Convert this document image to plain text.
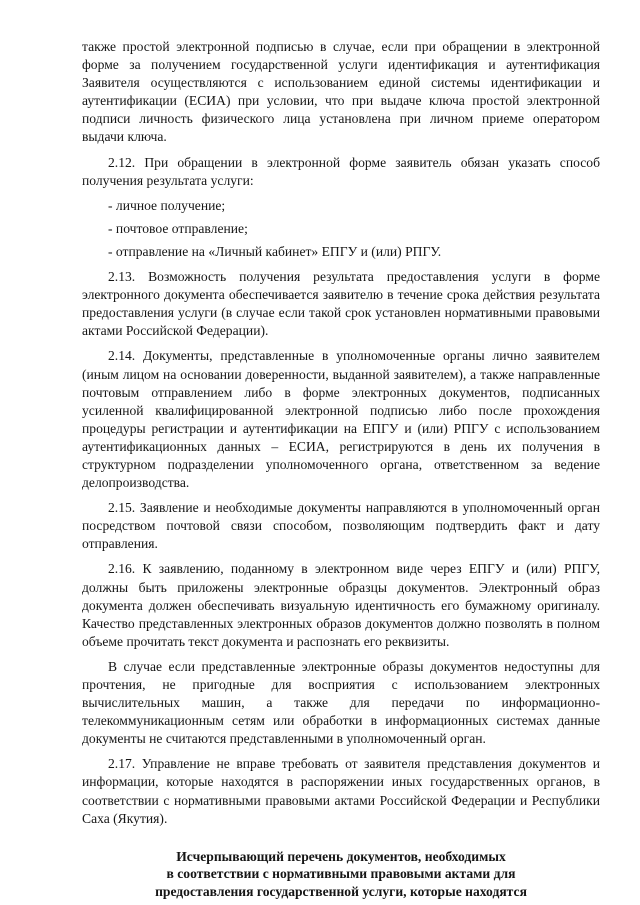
также простой электронной подписью в случае, если при обращении в электронной форме за получением государственной услуги идентификация и аутентификация Заявителя осуществляются с использованием единой системы идентификации и аутентификации (ЕСИА) при условии, что при выдаче ключа простой электронной подписи личность физического лица установлена при личном приеме оператором выдачи ключа.

2.12. При обращении в электронной форме заявитель обязан указать способ получения результата услуги:

- личное получение;
- почтовое отправление;
- отправление на «Личный кабинет» ЕПГУ и (или) РПГУ.

2.13. Возможность получения результата предоставления услуги в форме электронного документа обеспечивается заявителю в течение срока действия результата предоставления услуги (в случае если такой срок установлен нормативными правовыми актами Российской Федерации).

2.14. Документы, представленные в уполномоченные органы лично заявителем (иным лицом на основании доверенности, выданной заявителем), а также направленные почтовым отправлением либо в форме электронных документов, подписанных усиленной квалифицированной электронной подписью либо после прохождения процедуры регистрации и аутентификации на ЕПГУ и (или) РПГУ с использованием аутентификационных данных – ЕСИА, регистрируются в день их получения в структурном подразделении уполномоченного органа, ответственном за ведение делопроизводства.

2.15. Заявление и необходимые документы направляются в уполномоченный орган посредством почтовой связи способом, позволяющим подтвердить факт и дату отправления.

2.16. К заявлению, поданному в электронном виде через ЕПГУ и (или) РПГУ, должны быть приложены электронные образцы документов. Электронный образ документа должен обеспечивать визуальную идентичность его бумажному оригиналу. Качество представленных электронных образов документов должно позволять в полном объеме прочитать текст документа и распознать его реквизиты.

В случае если представленные электронные образы документов недоступны для прочтения, не пригодные для восприятия с использованием электронных вычислительных машин, а также для передачи по информационно-телекоммуникационным сетям или обработки в информационных системах данные документы не считаются представленными в уполномоченный орган.

2.17. Управление не вправе требовать от заявителя представления документов и информации, которые находятся в распоряжении иных государственных органов, в соответствии с нормативными правовыми актами Российской Федерации и Республики Саха (Якутия).

Исчерпывающий перечень документов, необходимых
в соответствии с нормативными правовыми актами для
предоставления государственной услуги, которые находятся
